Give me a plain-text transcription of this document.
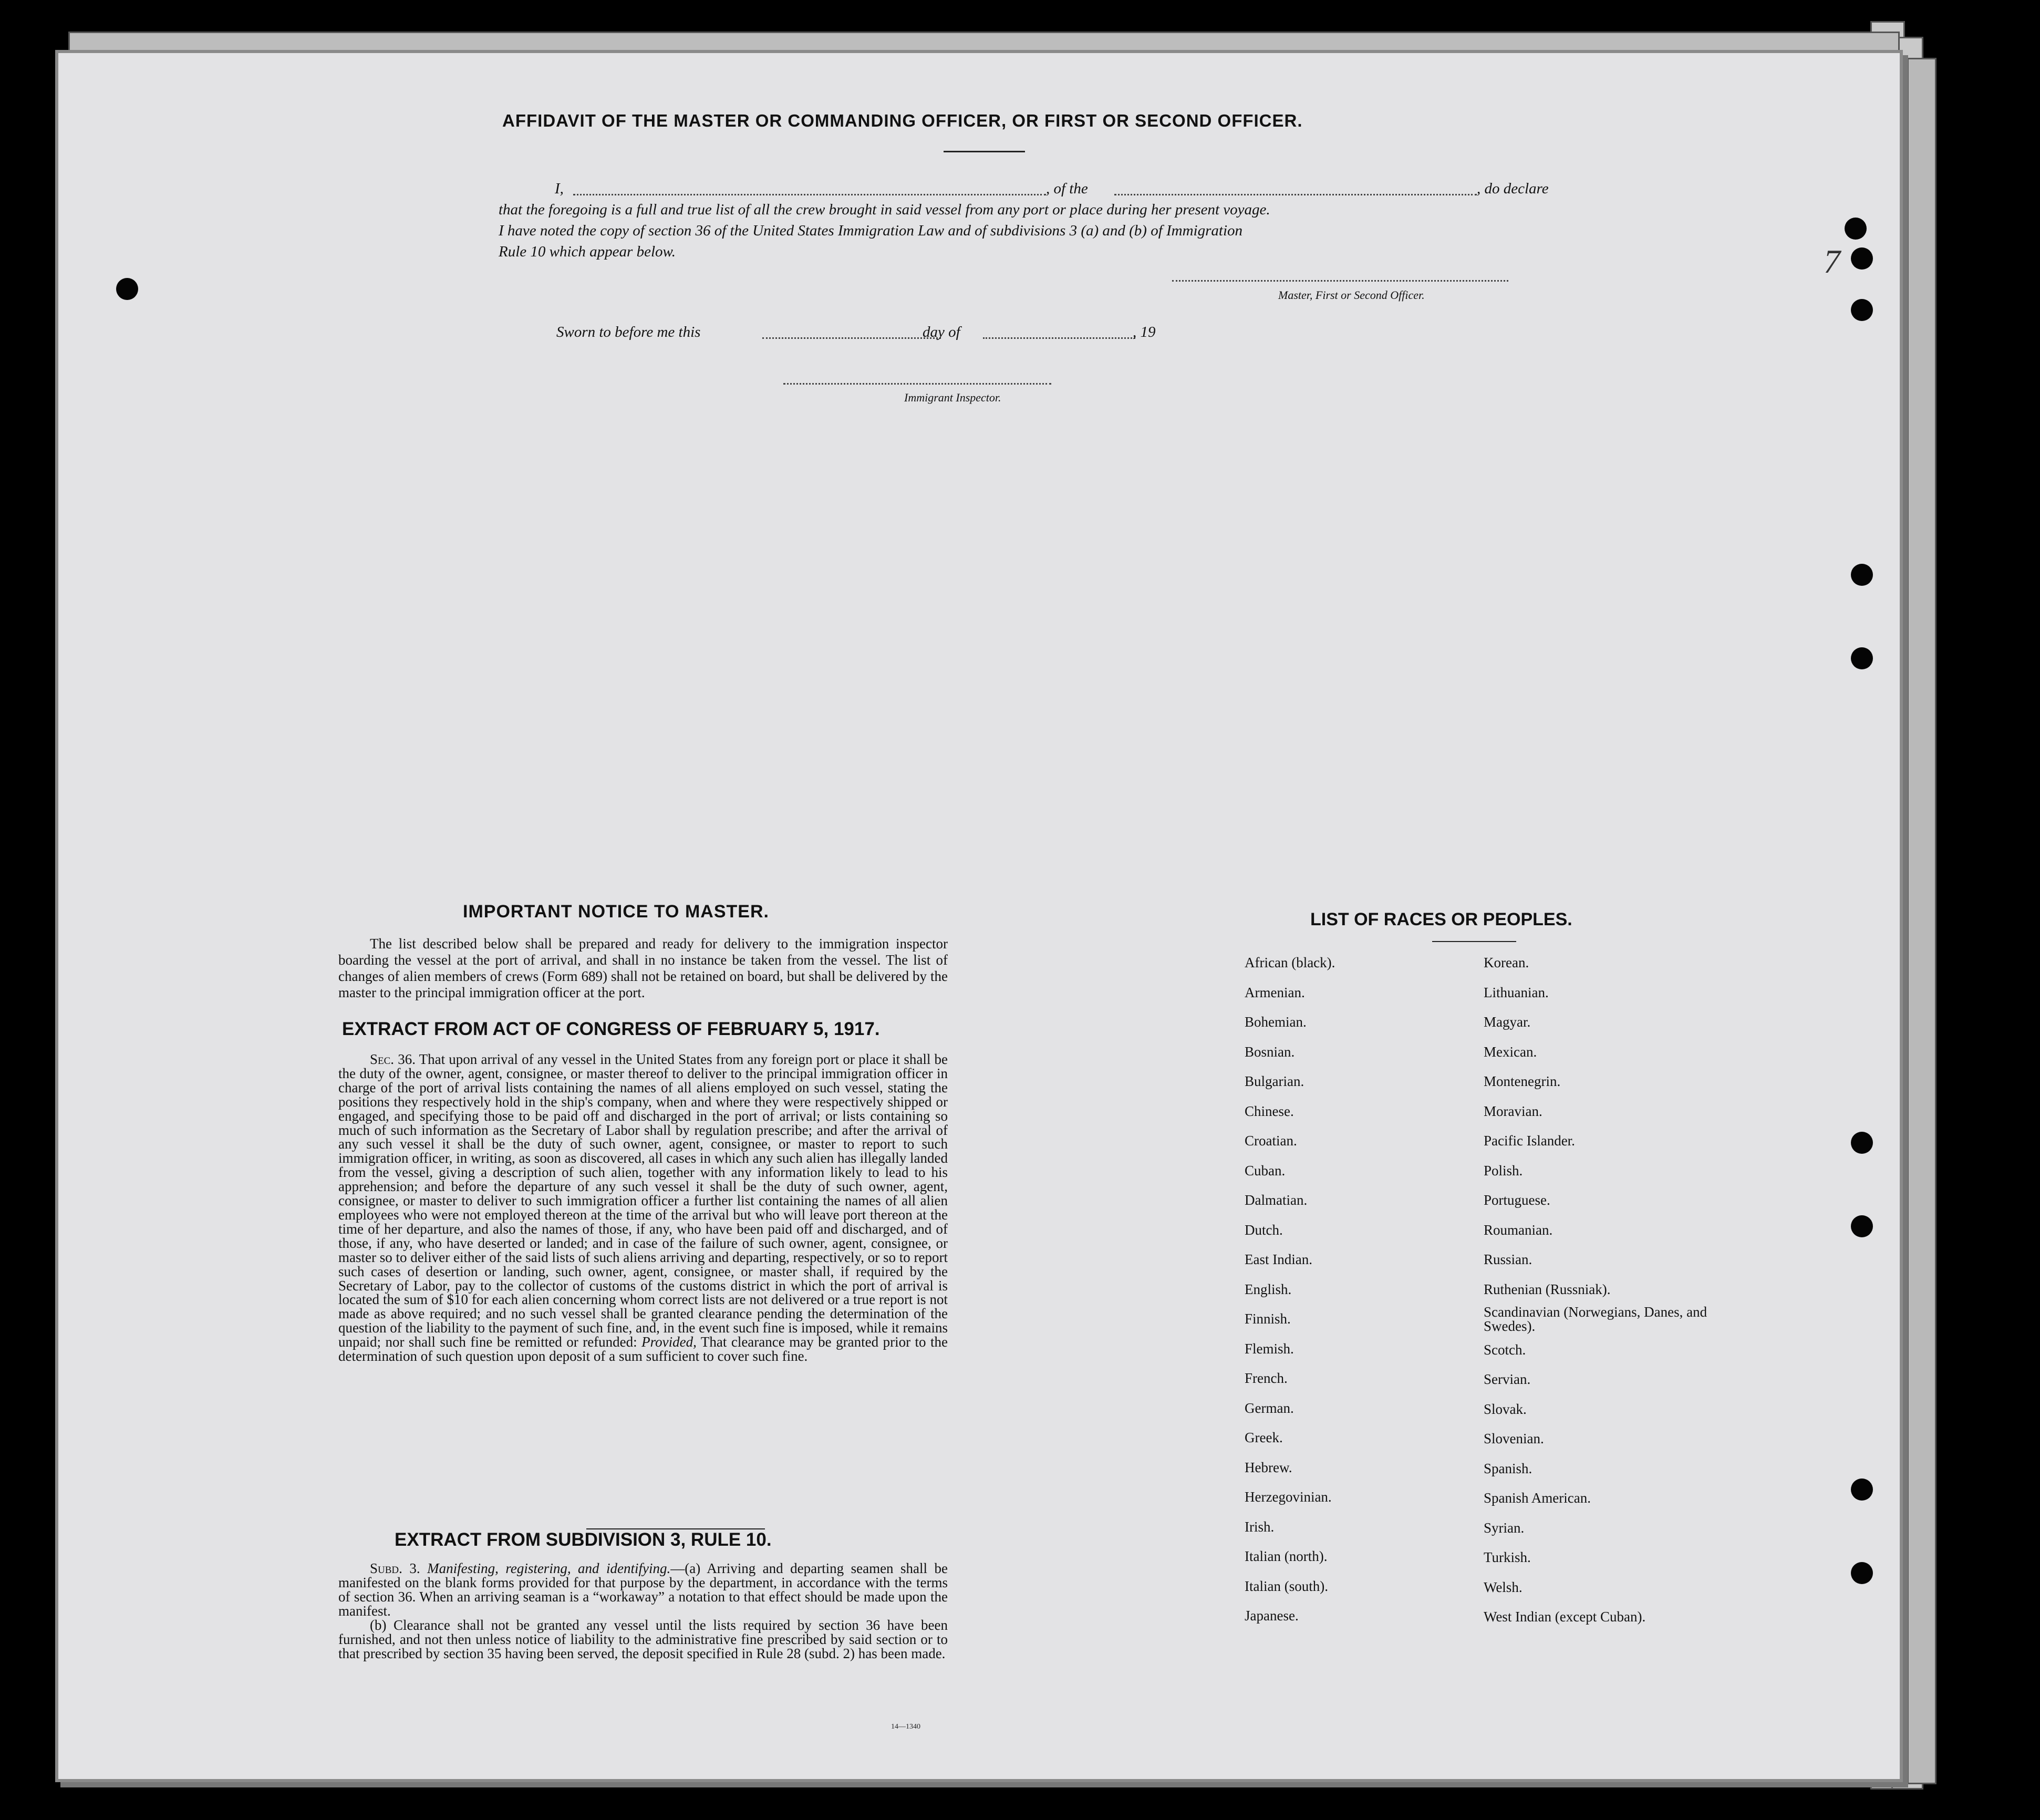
7
AFFIDAVIT OF THE MASTER OR COMMANDING OFFICER, OR FIRST OR SECOND OFFICER.
I,	, of the	, do declare
that the foregoing is a full and true list of all the crew brought in said vessel from any port or place during her present voyage.
I have noted the copy of section 36 of the United States Immigration Law and of subdivisions 3 (a) and (b) of Immigration
Rule 10 which appear below.
Master, First or Second Officer.
Sworn to before me this	day of	, 19
Immigrant Inspector.
IMPORTANT NOTICE TO MASTER.

The list described below shall be prepared and ready for delivery to the immigration inspector boarding the vessel at the port of arrival, and shall in no instance be taken from the vessel. The list of changes of alien members of crews (Form 689) shall not be retained on board, but shall be delivered by the master to the principal immigration officer at the port.

EXTRACT FROM ACT OF CONGRESS OF FEBRUARY 5, 1917.

Sec. 36. That upon arrival of any vessel in the United States from any foreign port or place it shall be the duty of the owner, agent, consignee, or master thereof to deliver to the principal immigration officer in charge of the port of arrival lists containing the names of all aliens employed on such vessel, stating the positions they respectively hold in the ship's company, when and where they were respectively shipped or engaged, and specifying those to be paid off and discharged in the port of arrival; or lists containing so much of such information as the Secretary of Labor shall by regulation prescribe; and after the arrival of any such vessel it shall be the duty of such owner, agent, consignee, or master to report to such immigration officer, in writing, as soon as discovered, all cases in which any such alien has illegally landed from the vessel, giving a description of such alien, together with any information likely to lead to his apprehension; and before the departure of any such vessel it shall be the duty of such owner, agent, consignee, or master to deliver to such immigration officer a further list containing the names of all alien employees who were not employed thereon at the time of the arrival but who will leave port thereon at the time of her departure, and also the names of those, if any, who have been paid off and discharged, and of those, if any, who have deserted or landed; and in case of the failure of such owner, agent, consignee, or master so to deliver either of the said lists of such aliens arriving and departing, respectively, or so to report such cases of desertion or landing, such owner, agent, consignee, or master shall, if required by the Secretary of Labor, pay to the collector of customs of the customs district in which the port of arrival is located the sum of $10 for each alien concerning whom correct lists are not delivered or a true report is not made as above required; and no such vessel shall be granted clearance pending the determination of the question of the liability to the payment of such fine, and, in the event such fine is imposed, while it remains unpaid; nor shall such fine be remitted or refunded: Provided, That clearance may be granted prior to the determination of such question upon deposit of a sum sufficient to cover such fine.

EXTRACT FROM SUBDIVISION 3, RULE 10.

Subd. 3. Manifesting, registering, and identifying.—(a) Arriving and departing seamen shall be manifested on the blank forms provided for that purpose by the department, in accordance with the terms of section 36. When an arriving seaman is a “workaway” a notation to that effect should be made upon the manifest.

(b) Clearance shall not be granted any vessel until the lists required by section 36 have been furnished, and not then unless notice of liability to the administrative fine prescribed by said section or to that prescribed by section 35 having been served, the deposit specified in Rule 28 (subd. 2) has been made.

14—1340
LIST OF RACES OR PEOPLES.
African (black).
Armenian.
Bohemian.
Bosnian.
Bulgarian.
Chinese.
Croatian.
Cuban.
Dalmatian.
Dutch.
East Indian.
English.
Finnish.
Flemish.
French.
German.
Greek.
Hebrew.
Herzegovinian.
Irish.
Italian (north).
Italian (south).
Japanese.
Korean.
Lithuanian.
Magyar.
Mexican.
Montenegrin.
Moravian.
Pacific Islander.
Polish.
Portuguese.
Roumanian.
Russian.
Ruthenian (Russniak).
Scandinavian (Norwegians, Danes, and Swedes).
Scotch.
Servian.
Slovak.
Slovenian.
Spanish.
Spanish American.
Syrian.
Turkish.
Welsh.
West Indian (except Cuban).
